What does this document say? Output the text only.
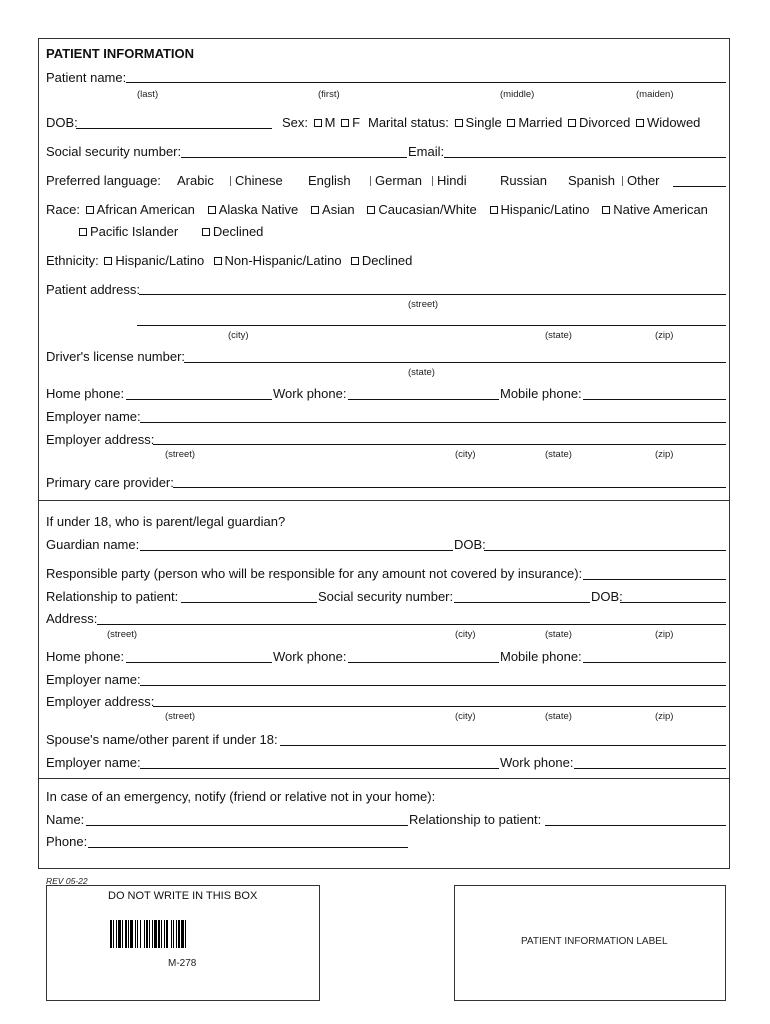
PATIENT INFORMATION
Patient name:
(last)	(first)	(middle)	(maiden)
DOB:	Sex: M F Marital status: Single Married Divorced Widowed
Social security number:	Email:
Preferred language: Arabic	Chinese English	German	Hindi	Russian Spanish Other
Race: African American Alaska Native Asian Caucasian/White Hispanic/Latino Native American
Pacific Islander	Declined
Ethnicity: Hispanic/Latino Non-Hispanic/Latino Declined
Patient address:
(street)
(city)	(state)	(zip)
Driver's license number:
(state)
Home phone:	Work phone:	Mobile phone:
Employer name:
Employer address:
(street)	(city)	(state)	(zip)
Primary care provider:
If under 18, who is parent/legal guardian?
Guardian name:	DOB:
Responsible party (person who will be responsible for any amount not covered by insurance):
Relationship to patient:	Social security number:	DOB:
Address:
(street)	(city)	(state)	(zip)
Home phone:	Work phone:	Mobile phone:
Employer name:
Employer address:
(street)	(city)	(state)	(zip)
Spouse's name/other parent if under 18:
Employer name:	Work phone:
In case of an emergency, notify (friend or relative not in your home):
Name:	Relationship to patient:
Phone:
REV 05-22
DO NOT WRITE IN THIS BOX
M-278
PATIENT INFORMATION LABEL
